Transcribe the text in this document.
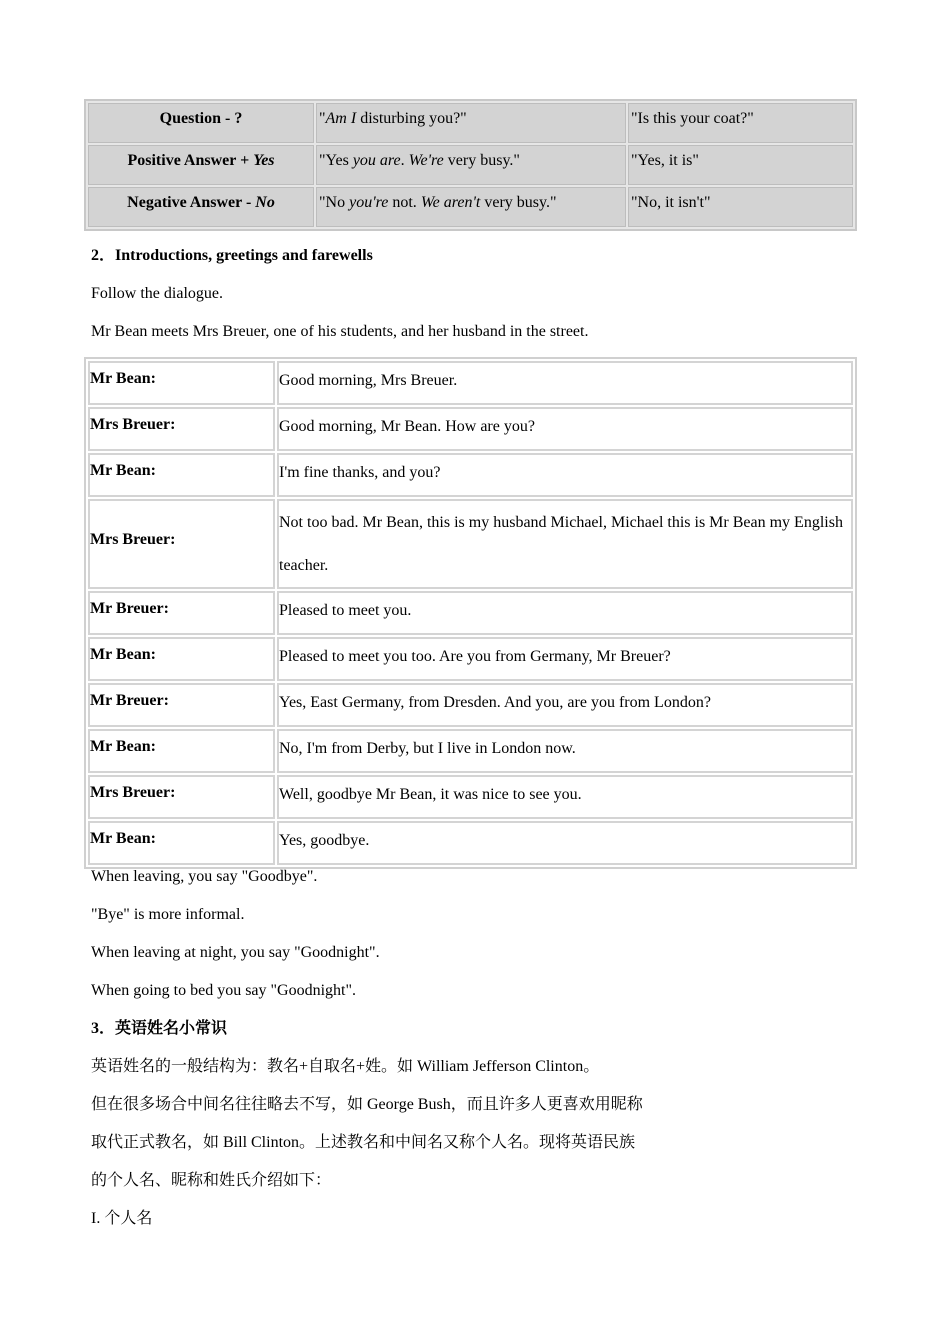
Question - ?	"Am I disturbing you?"	"Is this your coat?"
Positive Answer + Yes	"Yes you are. We're very busy."	"Yes, it is"
Negative Answer - No	"No you're not. We aren't very busy."	"No, it isn't"
2．Introductions, greetings and farewells
Follow the dialogue.
Mr Bean meets Mrs Breuer, one of his students, and her husband in the street.
Mr Bean:	Good morning, Mrs Breuer.
Mrs Breuer:	Good morning, Mr Bean. How are you?
Mr Bean:	I'm fine thanks, and you?
Mrs Breuer:	Not too bad. Mr Bean, this is my husband Michael, Michael this is Mr Bean my English teacher.
Mr Breuer:	Pleased to meet you.
Mr Bean:	Pleased to meet you too. Are you from Germany, Mr Breuer?
Mr Breuer:	Yes, East Germany, from Dresden. And you, are you from London?
Mr Bean:	No, I'm from Derby, but I live in London now.
Mrs Breuer:	Well, goodbye Mr Bean, it was nice to see you.
Mr Bean:	Yes, goodbye.
When leaving, you say "Goodbye".
"Bye" is more informal.
When leaving at night, you say "Goodnight".
When going to bed you say "Goodnight".
3．英语姓名小常识
英语姓名的一般结构为：教名+自取名+姓。如 William Jefferson Clinton。
但在很多场合中间名往往略去不写，如 George Bush，而且许多人更喜欢用昵称
取代正式教名，如 Bill Clinton。上述教名和中间名又称个人名。现将英语民族
的个人名、昵称和姓氏介绍如下：
I. 个人名
